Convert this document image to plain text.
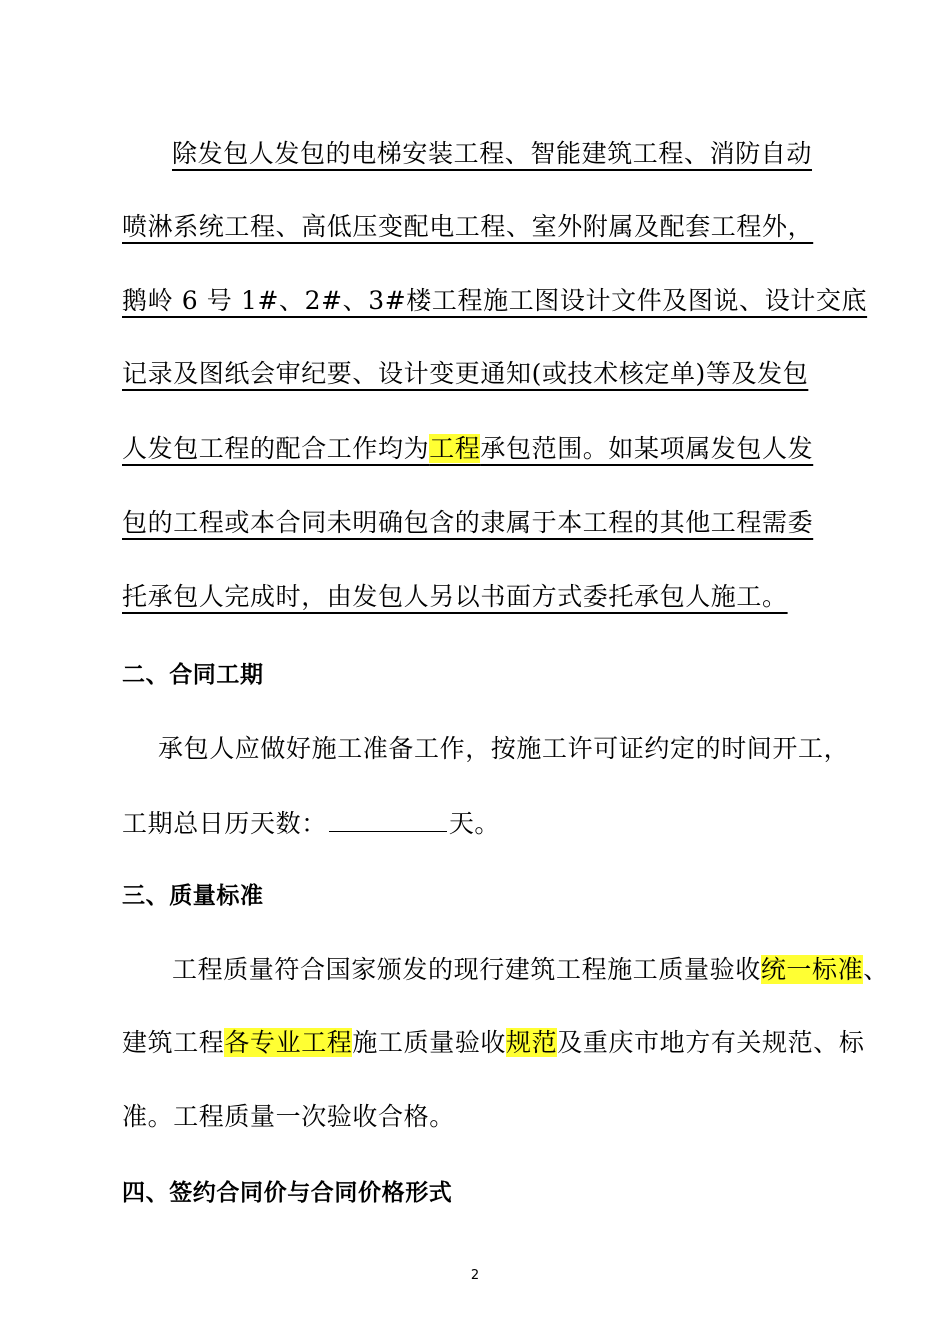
除发包人发包的电梯安装工程、智能建筑工程、消防自动
喷淋系统工程、高低压变配电工程、室外附属及配套工程外，
鹅岭 6 号 1#、2#、3#楼工程施工图设计文件及图说、设计交底
记录及图纸会审纪要、设计变更通知(或技术核定单)等及发包
人发包工程的配合工作均为工程承包范围。如某项属发包人发
包的工程或本合同未明确包含的隶属于本工程的其他工程需委
托承包人完成时，由发包人另以书面方式委托承包人施工。
二、合同工期
承包人应做好施工准备工作，按施工许可证约定的时间开工，
工期总日历天数：	天。
三、质量标准
工程质量符合国家颁发的现行建筑工程施工质量验收统一标准、
建筑工程各专业工程施工质量验收规范及重庆市地方有关规范、标
准。工程质量一次验收合格。
四、签约合同价与合同价格形式
2
